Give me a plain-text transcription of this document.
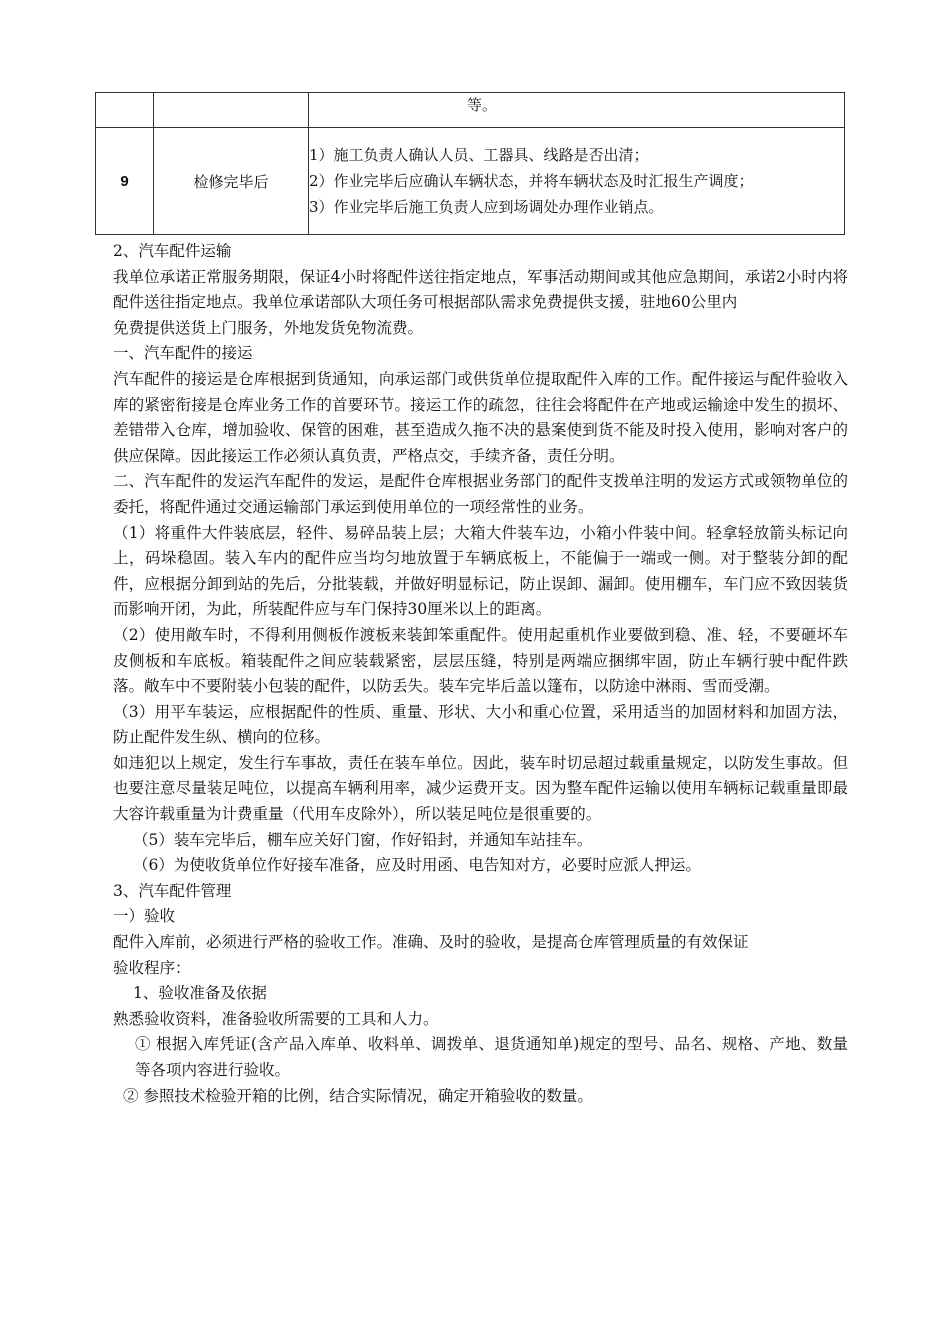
		等。
9	检修完毕后	1）施工负责人确认人员、工器具、线路是否出清；
2）作业完毕后应确认车辆状态，并将车辆状态及时汇报生产调度；
3）作业完毕后施工负责人应到场调处办理作业销点。

2、汽车配件运输

我单位承诺正常服务期限，保证4小时将配件送往指定地点，军事活动期间或其他应急期间，承诺2小时内将配件送往指定地点。我单位承诺部队大项任务可根据部队需求免费提供支援，驻地60公里内

免费提供送货上门服务，外地发货免物流费。

一、汽车配件的接运

汽车配件的接运是仓库根据到货通知，向承运部门或供货单位提取配件入库的工作。配件接运与配件验收入库的紧密衔接是仓库业务工作的首要环节。接运工作的疏忽，往往会将配件在产地或运输途中发生的损坏、差错带入仓库，增加验收、保管的困难，甚至造成久拖不决的悬案使到货不能及时投入使用，影响对客户的供应保障。因此接运工作必须认真负责，严格点交，手续齐备，责任分明。

二、汽车配件的发运汽车配件的发运，是配件仓库根据业务部门的配件支拨单注明的发运方式或领物单位的委托，将配件通过交通运输部门承运到使用单位的一项经常性的业务。

（1）将重件大件装底层，轻件、易碎品装上层；大箱大件装车边，小箱小件装中间。轻拿轻放箭头标记向上，码垛稳固。装入车内的配件应当均匀地放置于车辆底板上，不能偏于一端或一侧。对于整装分卸的配件，应根据分卸到站的先后，分批装载，并做好明显标记，防止误卸、漏卸。使用棚车，车门应不致因装货而影响开闭，为此，所装配件应与车门保持30厘米以上的距离。

（2）使用敞车时，不得利用侧板作渡板来装卸笨重配件。使用起重机作业要做到稳、准、轻，不要砸坏车皮侧板和车底板。箱装配件之间应装载紧密，层层压缝，特别是两端应捆绑牢固，防止车辆行驶中配件跌落。敞车中不要附装小包装的配件，以防丢失。装车完毕后盖以篷布，以防途中淋雨、雪而受潮。

（3）用平车装运，应根据配件的性质、重量、形状、大小和重心位置，采用适当的加固材料和加固方法，防止配件发生纵、横向的位移。

如违犯以上规定，发生行车事故，责任在装车单位。因此，装车时切忌超过载重量规定，以防发生事故。但也要注意尽量装足吨位，以提高车辆利用率，减少运费开支。因为整车配件运输以使用车辆标记载重量即最大容许载重量为计费重量（代用车皮除外），所以装足吨位是很重要的。

（5）装车完毕后，棚车应关好门窗，作好铅封，并通知车站挂车。

（6）为使收货单位作好接车准备，应及时用函、电告知对方，必要时应派人押运。

3、汽车配件管理

一）验收

配件入库前，必须进行严格的验收工作。准确、及时的验收，是提高仓库管理质量的有效保证

验收程序：

1、验收准备及依据

熟悉验收资料，准备验收所需要的工具和人力。

① 根据入库凭证(含产品入库单、收料单、调拨单、退货通知单)规定的型号、品名、规格、产地、数量等各项内容进行验收。

② 参照技术检验开箱的比例，结合实际情况，确定开箱验收的数量。
